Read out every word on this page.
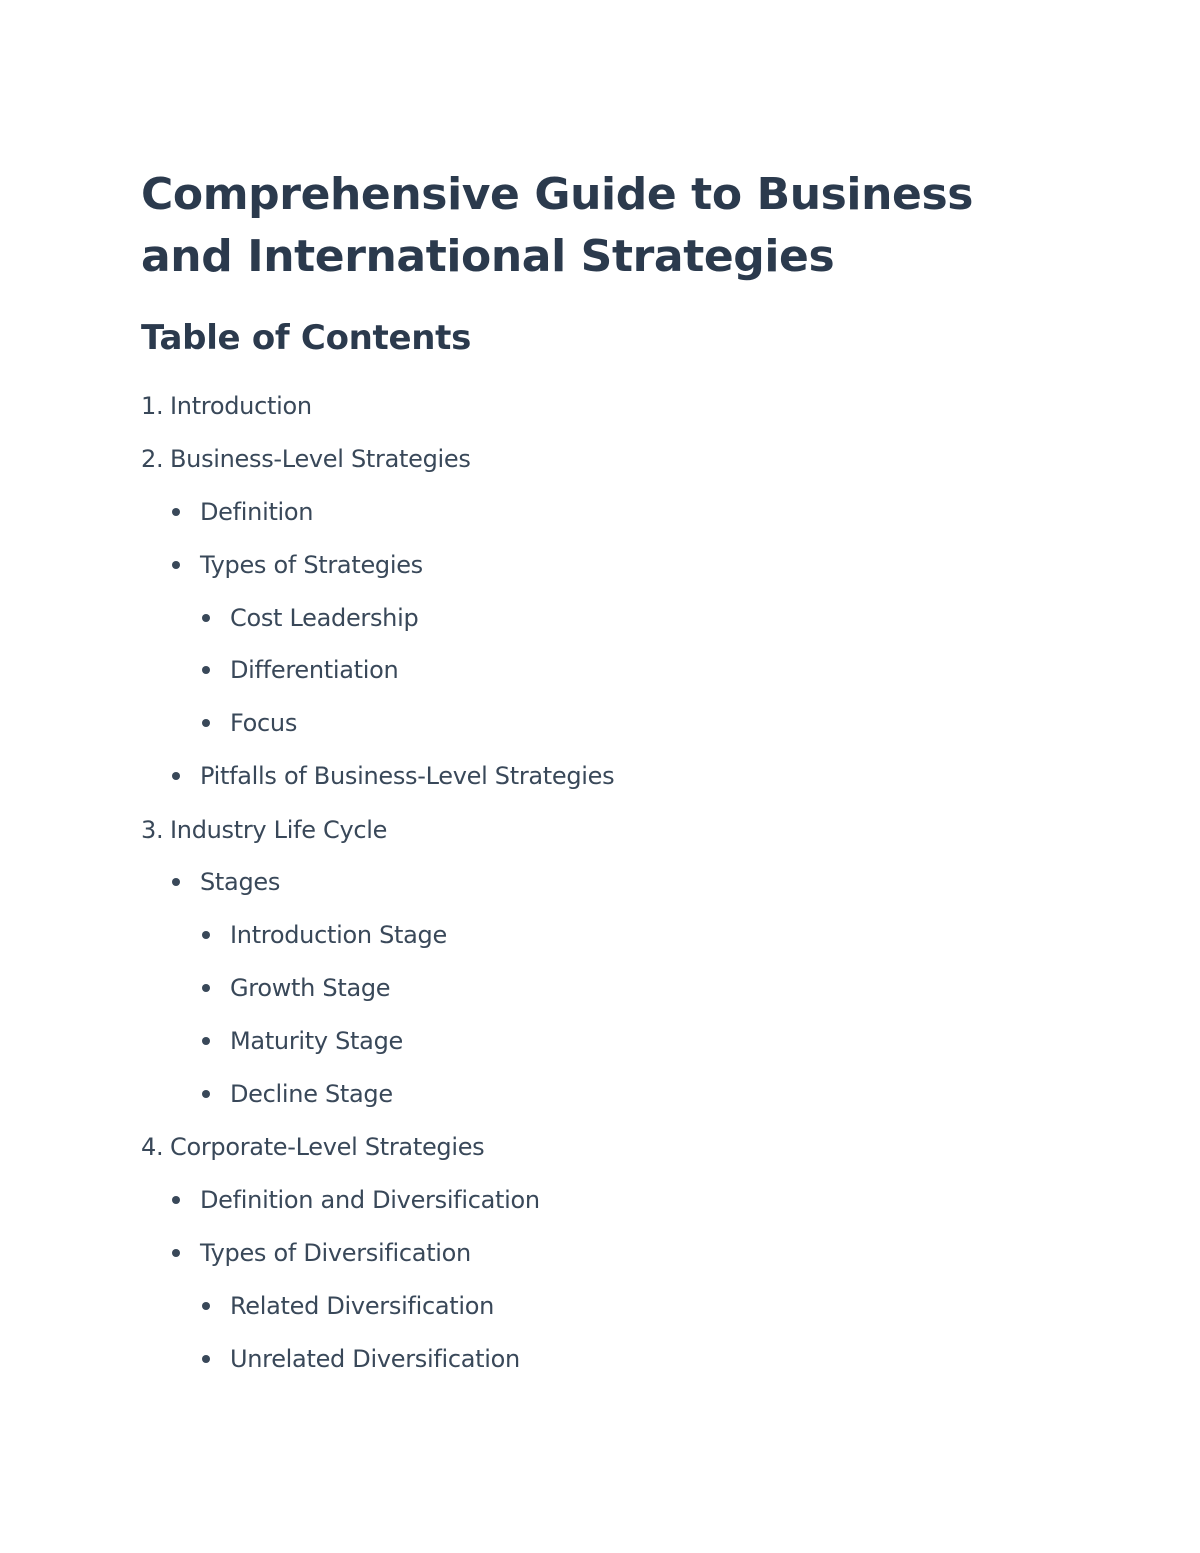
Comprehensive Guide to Business and International Strategies
Table of Contents
1. Introduction
2. Business-Level Strategies
Definition
Types of Strategies
Cost Leadership
Differentiation
Focus
Pitfalls of Business-Level Strategies
3. Industry Life Cycle
Stages
Introduction Stage
Growth Stage
Maturity Stage
Decline Stage
4. Corporate-Level Strategies
Definition and Diversification
Types of Diversification
Related Diversification
Unrelated Diversification
